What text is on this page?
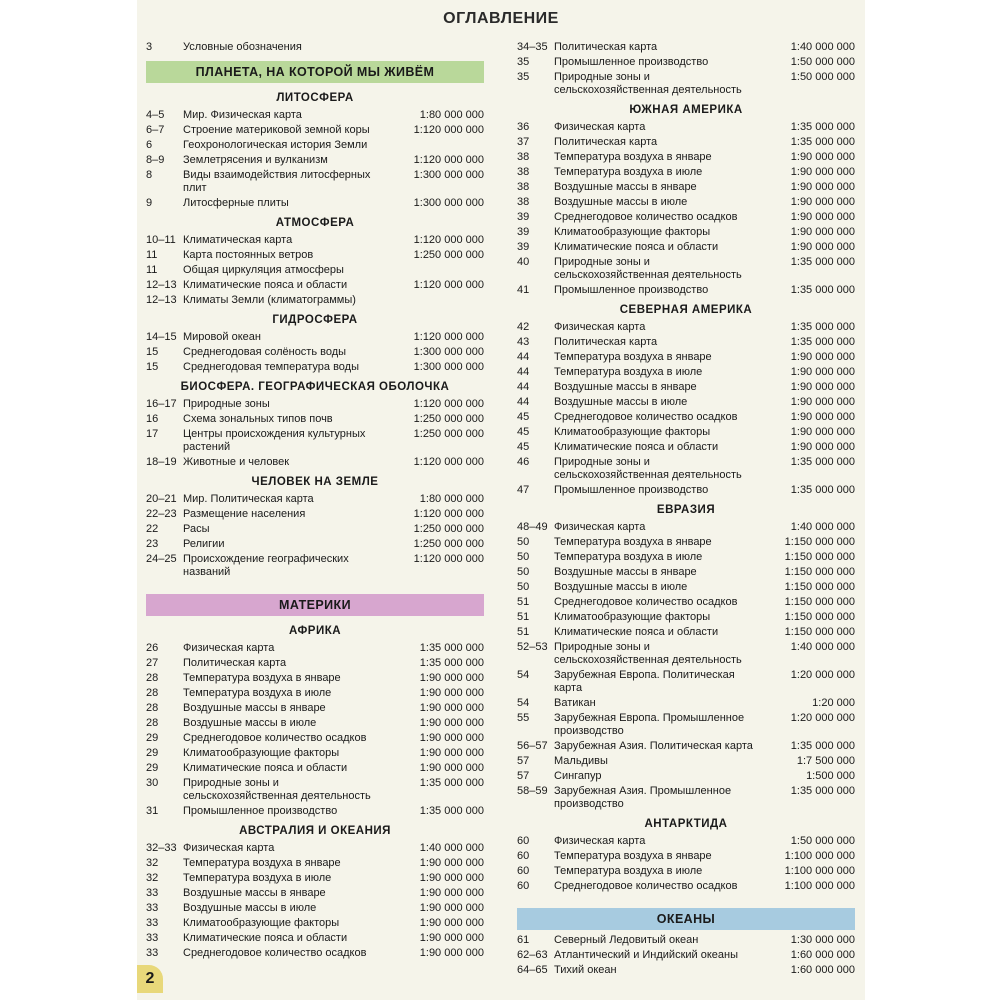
ОГЛАВЛЕНИЕ
3	Условные обозначения
ПЛАНЕТА, НА КОТОРОЙ МЫ ЖИВЁМ
ЛИТОСФЕРА
4–5	Мир. Физическая карта	1:80 000 000
6–7	Строение материковой земной коры	1:120 000 000
6	Геохронологическая история Земли
8–9	Землетрясения и вулканизм	1:120 000 000
8	Виды взаимодействия литосферных плит
1:300 000 000
9	Литосферные плиты	1:300 000 000
АТМОСФЕРА
10–11 Климатическая карта	1:120 000 000
11	Карта постоянных ветров	1:250 000 000
11	Общая циркуляция атмосферы
12–13 Климатические пояса и области	1:120 000 000
12–13 Климаты Земли (климатограммы)
ГИДРОСФЕРА
14–15 Мировой океан	1:120 000 000
15	Среднегодовая солёность воды	1:300 000 000
15	Среднегодовая температура воды	1:300 000 000
БИОСФЕРА. ГЕОГРАФИЧЕСКАЯ ОБОЛОЧКА
16–17 Природные зоны	1:120 000 000
16	Схема зональных типов почв	1:250 000 000
17	Центры происхождения культурных растений
1:250 000 000
18–19 Животные и человек	1:120 000 000
ЧЕЛОВЕК НА ЗЕМЛЕ
20–21 Мир. Политическая карта	1:80 000 000
22–23 Размещение населения	1:120 000 000
22	Расы	1:250 000 000
23	Религии	1:250 000 000
24–25 Происхождение географических названий
1:120 000 000
МАТЕРИКИ
АФРИКА
26	Физическая карта	1:35 000 000
27	Политическая карта	1:35 000 000
28	Температура воздуха в январе	1:90 000 000
28	Температура воздуха в июле	1:90 000 000
28	Воздушные массы в январе	1:90 000 000
28	Воздушные массы в июле	1:90 000 000
29	Среднегодовое количество осадков	1:90 000 000
29	Климатообразующие факторы	1:90 000 000
29	Климатические пояса и области	1:90 000 000
30	Природные зоны и сельскохозяйственная деятельность
1:35 000 000
31	Промышленное производство	1:35 000 000
АВСТРАЛИЯ И ОКЕАНИЯ
32–33 Физическая карта	1:40 000 000
32	Температура воздуха в январе	1:90 000 000
32	Температура воздуха в июле	1:90 000 000
33	Воздушные массы в январе	1:90 000 000
33	Воздушные массы в июле	1:90 000 000
33	Климатообразующие факторы	1:90 000 000
33	Климатические пояса и области	1:90 000 000
33	Среднегодовое количество осадков	1:90 000 000
34–35 Политическая карта	1:40 000 000
35	Промышленное производство	1:50 000 000
35	Природные зоны и сельскохозяйственная деятельность
1:50 000 000
ЮЖНАЯ АМЕРИКА
36	Физическая карта	1:35 000 000
37	Политическая карта	1:35 000 000
38	Температура воздуха в январе	1:90 000 000
38	Температура воздуха в июле	1:90 000 000
38	Воздушные массы в январе	1:90 000 000
38	Воздушные массы в июле	1:90 000 000
39	Среднегодовое количество осадков	1:90 000 000
39	Климатообразующие факторы	1:90 000 000
39	Климатические пояса и области	1:90 000 000
40	Природные зоны и сельскохозяйственная деятельность
1:35 000 000
41	Промышленное производство	1:35 000 000
СЕВЕРНАЯ АМЕРИКА
42	Физическая карта	1:35 000 000
43	Политическая карта	1:35 000 000
44	Температура воздуха в январе	1:90 000 000
44	Температура воздуха в июле	1:90 000 000
44	Воздушные массы в январе	1:90 000 000
44	Воздушные массы в июле	1:90 000 000
45	Среднегодовое количество осадков	1:90 000 000
45	Климатообразующие факторы	1:90 000 000
45	Климатические пояса и области	1:90 000 000
46	Природные зоны и сельскохозяйственная деятельность
1:35 000 000
47	Промышленное производство	1:35 000 000
ЕВРАЗИЯ
48–49 Физическая карта	1:40 000 000
50	Температура воздуха в январе	1:150 000 000
50	Температура воздуха в июле	1:150 000 000
50	Воздушные массы в январе	1:150 000 000
50	Воздушные массы в июле	1:150 000 000
51	Среднегодовое количество осадков	1:150 000 000
51	Климатообразующие факторы	1:150 000 000
51	Климатические пояса и области	1:150 000 000
52–53 Природные зоны и сельскохозяйственная деятельность
1:40 000 000
54	Зарубежная Европа. Политическая карта
1:20 000 000
54	Ватикан	1:20 000
55	Зарубежная Европа. Промышленное производство
1:20 000 000
56–57 Зарубежная Азия. Политическая карта	1:35 000 000
57	Мальдивы	1:7 500 000
57	Сингапур	1:500 000
58–59 Зарубежная Азия. Промышленное производство
1:35 000 000
АНТАРКТИДА
60	Физическая карта	1:50 000 000
60	Температура воздуха в январе	1:100 000 000
60	Температура воздуха в июле	1:100 000 000
60	Среднегодовое количество осадков	1:100 000 000
ОКЕАНЫ
61	Северный Ледовитый океан	1:30 000 000
62–63 Атлантический и Индийский океаны	1:60 000 000
64–65 Тихий океан	1:60 000 000
2
